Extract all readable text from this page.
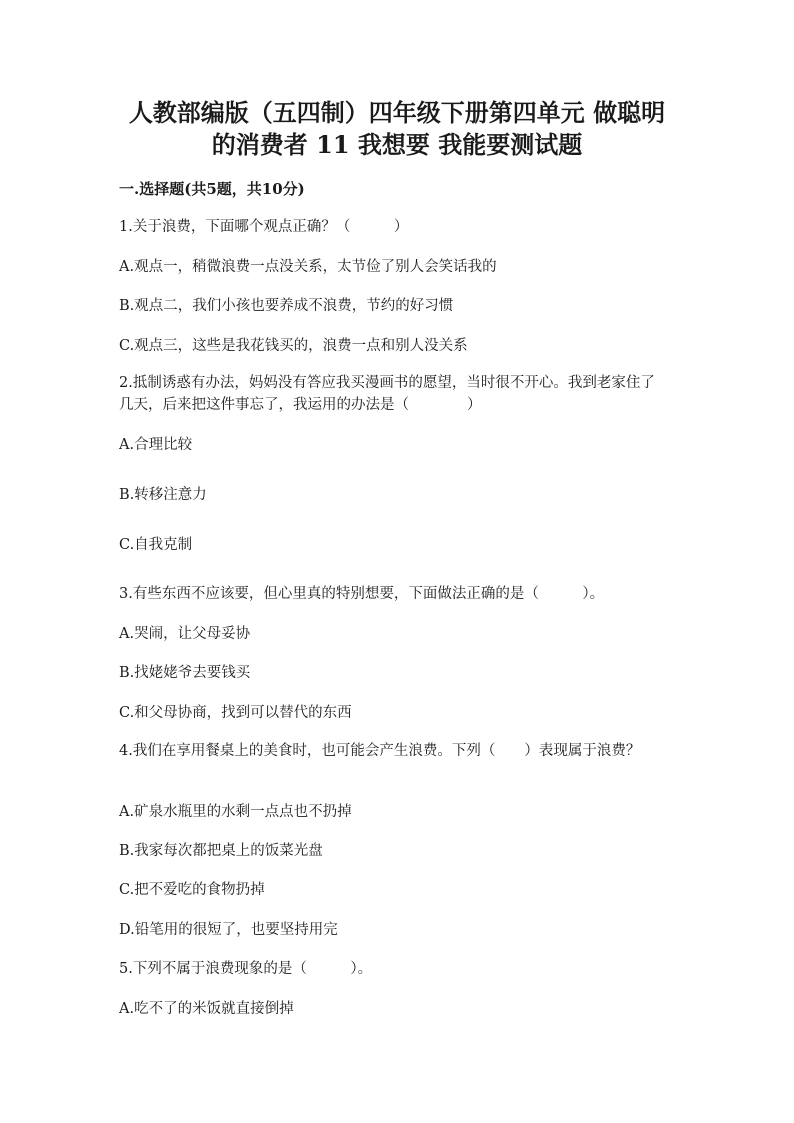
人教部编版（五四制）四年级下册第四单元 做聪明
的消费者 11 我想要 我能要测试题

一.选择题(共5题，共10分)

1.关于浪费，下面哪个观点正确？（　　　）

A.观点一，稍微浪费一点没关系，太节俭了别人会笑话我的

B.观点二，我们小孩也要养成不浪费，节约的好习惯

C.观点三，这些是我花钱买的，浪费一点和别人没关系

2.抵制诱惑有办法，妈妈没有答应我买漫画书的愿望，当时很不开心。我到老家住了几天，后来把这件事忘了，我运用的办法是（　　　　）

A.合理比较

B.转移注意力

C.自我克制

3.有些东西不应该要，但心里真的特别想要，下面做法正确的是（　　　）。

A.哭闹，让父母妥协

B.找姥姥爷去要钱买

C.和父母协商，找到可以替代的东西

4.我们在享用餐桌上的美食时，也可能会产生浪费。下列（　　）表现属于浪费？

A.矿泉水瓶里的水剩一点点也不扔掉

B.我家每次都把桌上的饭菜光盘

C.把不爱吃的食物扔掉

D.铅笔用的很短了，也要坚持用完

5.下列不属于浪费现象的是（　　　）。

A.吃不了的米饭就直接倒掉
